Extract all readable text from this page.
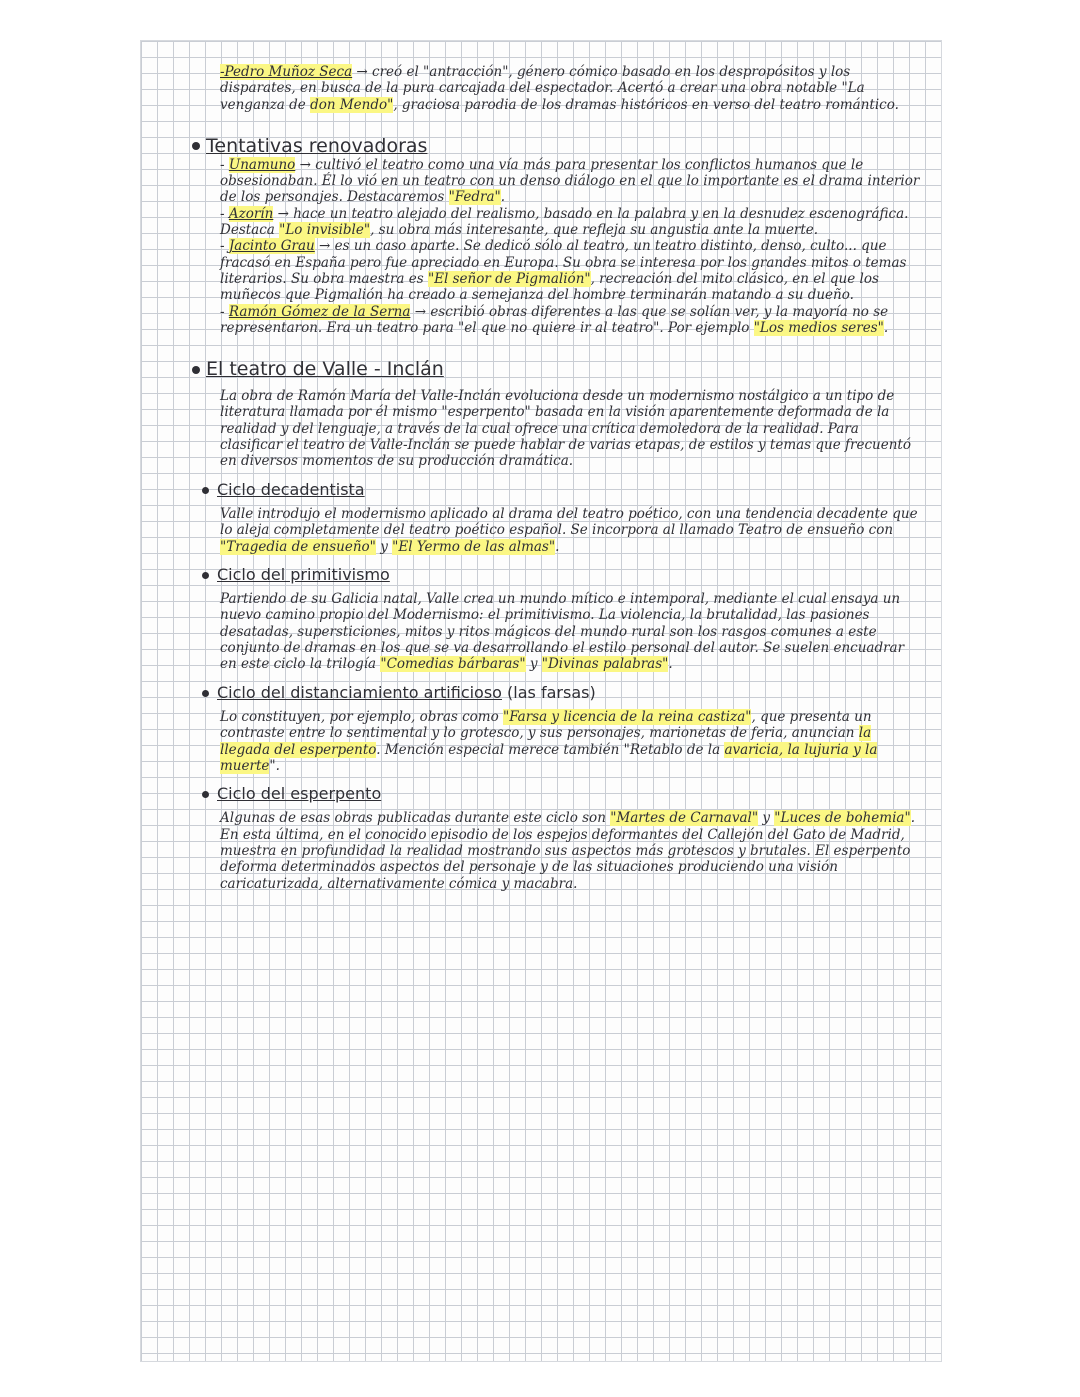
-Pedro Muñoz Seca → creó el "antracción", género cómico basado en los despropósitos y los disparates, en busca de la pura carcajada del espectador. Acertó a crear una obra notable "La venganza de don Mendo", graciosa parodia de los dramas históricos en verso del teatro romántico.

Tentativas renovadoras

- Unamuno → cultivó el teatro como una vía más para presentar los conflictos humanos que le obsesionaban. Él lo vió en un teatro con un denso diálogo en el que lo importante es el drama interior de los personajes. Destacaremos "Fedra".

- Azorín → hace un teatro alejado del realismo, basado en la palabra y en la desnudez escenográfica. Destaca "Lo invisible", su obra más interesante, que refleja su angustia ante la muerte.

- Jacinto Grau → es un caso aparte. Se dedicó sólo al teatro, un teatro distinto, denso, culto... que fracasó en España pero fue apreciado en Europa. Su obra se interesa por los grandes mitos o temas literarios. Su obra maestra es "El señor de Pigmalión", recreación del mito clásico, en el que los muñecos que Pigmalión ha creado a semejanza del hombre terminarán matando a su dueño.

- Ramón Gómez de la Serna → escribió obras diferentes a las que se solían ver, y la mayoría no se representaron. Era un teatro para "el que no quiere ir al teatro". Por ejemplo "Los medios seres".

El teatro de Valle - Inclán

La obra de Ramón María del Valle-Inclán evoluciona desde un modernismo nostálgico a un tipo de literatura llamada por él mismo "esperpento" basada en la visión aparentemente deformada de la realidad y del lenguaje, a través de la cual ofrece una crítica demoledora de la realidad. Para clasificar el teatro de Valle-Inclán se puede hablar de varias etapas, de estilos y temas que frecuentó en diversos momentos de su producción dramática.

Ciclo decadentista

Valle introdujo el modernismo aplicado al drama del teatro poético, con una tendencia decadente que lo aleja completamente del teatro poético español. Se incorpora al llamado Teatro de ensueño con "Tragedia de ensueño" y "El Yermo de las almas".

Ciclo del primitivismo

Partiendo de su Galicia natal, Valle crea un mundo mítico e intemporal, mediante el cual ensaya un nuevo camino propio del Modernismo: el primitivismo. La violencia, la brutalidad, las pasiones desatadas, supersticiones, mitos y ritos mágicos del mundo rural son los rasgos comunes a este conjunto de dramas en los que se va desarrollando el estilo personal del autor. Se suelen encuadrar en este ciclo la trilogía "Comedias bárbaras" y "Divinas palabras".

Ciclo del distanciamiento artificioso (las farsas)

Lo constituyen, por ejemplo, obras como "Farsa y licencia de la reina castiza", que presenta un contraste entre lo sentimental y lo grotesco, y sus personajes, marionetas de feria, anuncian la llegada del esperpento. Mención especial merece también "Retablo de la avaricia, la lujuria y la muerte".

Ciclo del esperpento

Algunas de esas obras publicadas durante este ciclo son "Martes de Carnaval" y "Luces de bohemia". En esta última, en el conocido episodio de los espejos deformantes del Callejón del Gato de Madrid, muestra en profundidad la realidad mostrando sus aspectos más grotescos y brutales. El esperpento deforma determinados aspectos del personaje y de las situaciones produciendo una visión caricaturizada, alternativamente cómica y macabra.
